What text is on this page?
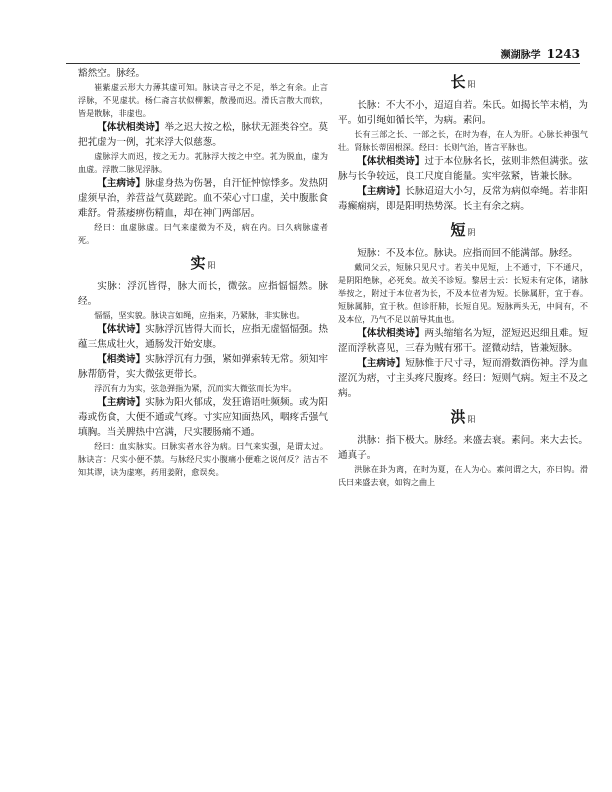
濒湖脉学 1243

豁然空。脉经。

崔紫虚云形大力薄其虚可知。脉诀言寻之不足，举之有余。止言浮脉，不见虚状。杨仁斋言状似柳絮，散漫而迟。滑氏言散大而软，皆是散脉，非虚也。

【体状相类诗】举之迟大按之松，脉状无涯类谷空。莫把芤虚为一例，芤来浮大似慈葱。

虚脉浮大而迟，按之无力。芤脉浮大按之中空。芤为脱血，虚为血虚。浮散二脉见浮脉。

【主病诗】脉虚身热为伤暑，自汗怔忡惊悸多。发热阴虚须早治，养营益气莫蹉跎。血不荣心寸口虚，关中腹胀食难舒。骨蒸痿痹伤精血，却在神门两部居。

经曰：血虚脉虚。曰气来虚微为不及，病在内。曰久病脉虚者死。

实阳

实脉：浮沉皆得，脉大而长，微弦。应指愊愊然。脉经。

愊愊，坚实貌。脉诀言如绳，应指来，乃紧脉，非实脉也。

【体状诗】实脉浮沉皆得大而长，应指无虚愊愊强。热蕴三焦成壮火，通肠发汗始安康。

【相类诗】实脉浮沉有力强，紧如弹索转无常。须知牢脉帮筋骨，实大微弦更带长。

浮沉有力为实，弦急弹指为紧，沉而实大微弦而长为牢。

【主病诗】实脉为阳火郁成，发狂谵语吐频频。或为阳毒或伤食，大便不通或气疼。寸实应知面热风，咽疼舌强气填胸。当关脾热中宫满，尺实腰肠痛不通。

经曰：血实脉实。曰脉实者水谷为病。曰气来实强，是谓太过。脉诀言：尺实小便不禁。与脉经尺实小腹痛小便难之说何反？洁古不知其谬，诀为虚寒，药用姜附，愈误矣。

长阳

长脉：不大不小，迢迢自若。朱氏。如揭长竿末梢，为平。如引绳如循长竿，为病。素问。

长有三部之长、一部之长，在时为春，在人为肝。心脉长神强气壮。肾脉长蒂固根深。经曰：长则气治，皆言平脉也。

【体状相类诗】过于本位脉名长，弦则非然但满张。弦脉与长争较远，良工尺度自能量。实牢弦紧，皆兼长脉。

【主病诗】长脉迢迢大小匀，反常为病似牵绳。若非阳毒癫痫病，即是阳明热势深。长主有余之病。

短阴

短脉：不及本位。脉诀。应指而回不能满部。脉经。

戴同父云，短脉只见尺寸。若关中见短，上不通寸，下不通尺，是阴阳绝脉，必死矣。故关不诊短。黎居士云：长短未有定体，诸脉举按之，附过于本位者为长，不及本位者为短。长脉属肝，宜于春。短脉属肺，宜于秋。但诊肝肺，长短自见。短脉两头无，中间有，不及本位，乃气不足以前导其血也。

【体状相类诗】两头缩缩名为短，涩短迟迟细且难。短涩而浮秋喜见，三春为贼有邪干。涩微动结，皆兼短脉。

【主病诗】短脉惟于尺寸寻，短而滑数酒伤神。浮为血涩沉为痞，寸主头疼尺腹疼。经曰：短则气病。短主不及之病。

洪阳

洪脉：指下极大。脉经。来盛去衰。素问。来大去长。通真子。

洪脉在卦为离，在时为夏，在人为心。素问谓之大，亦曰钩。滑氏曰来盛去衰，如钩之曲上
